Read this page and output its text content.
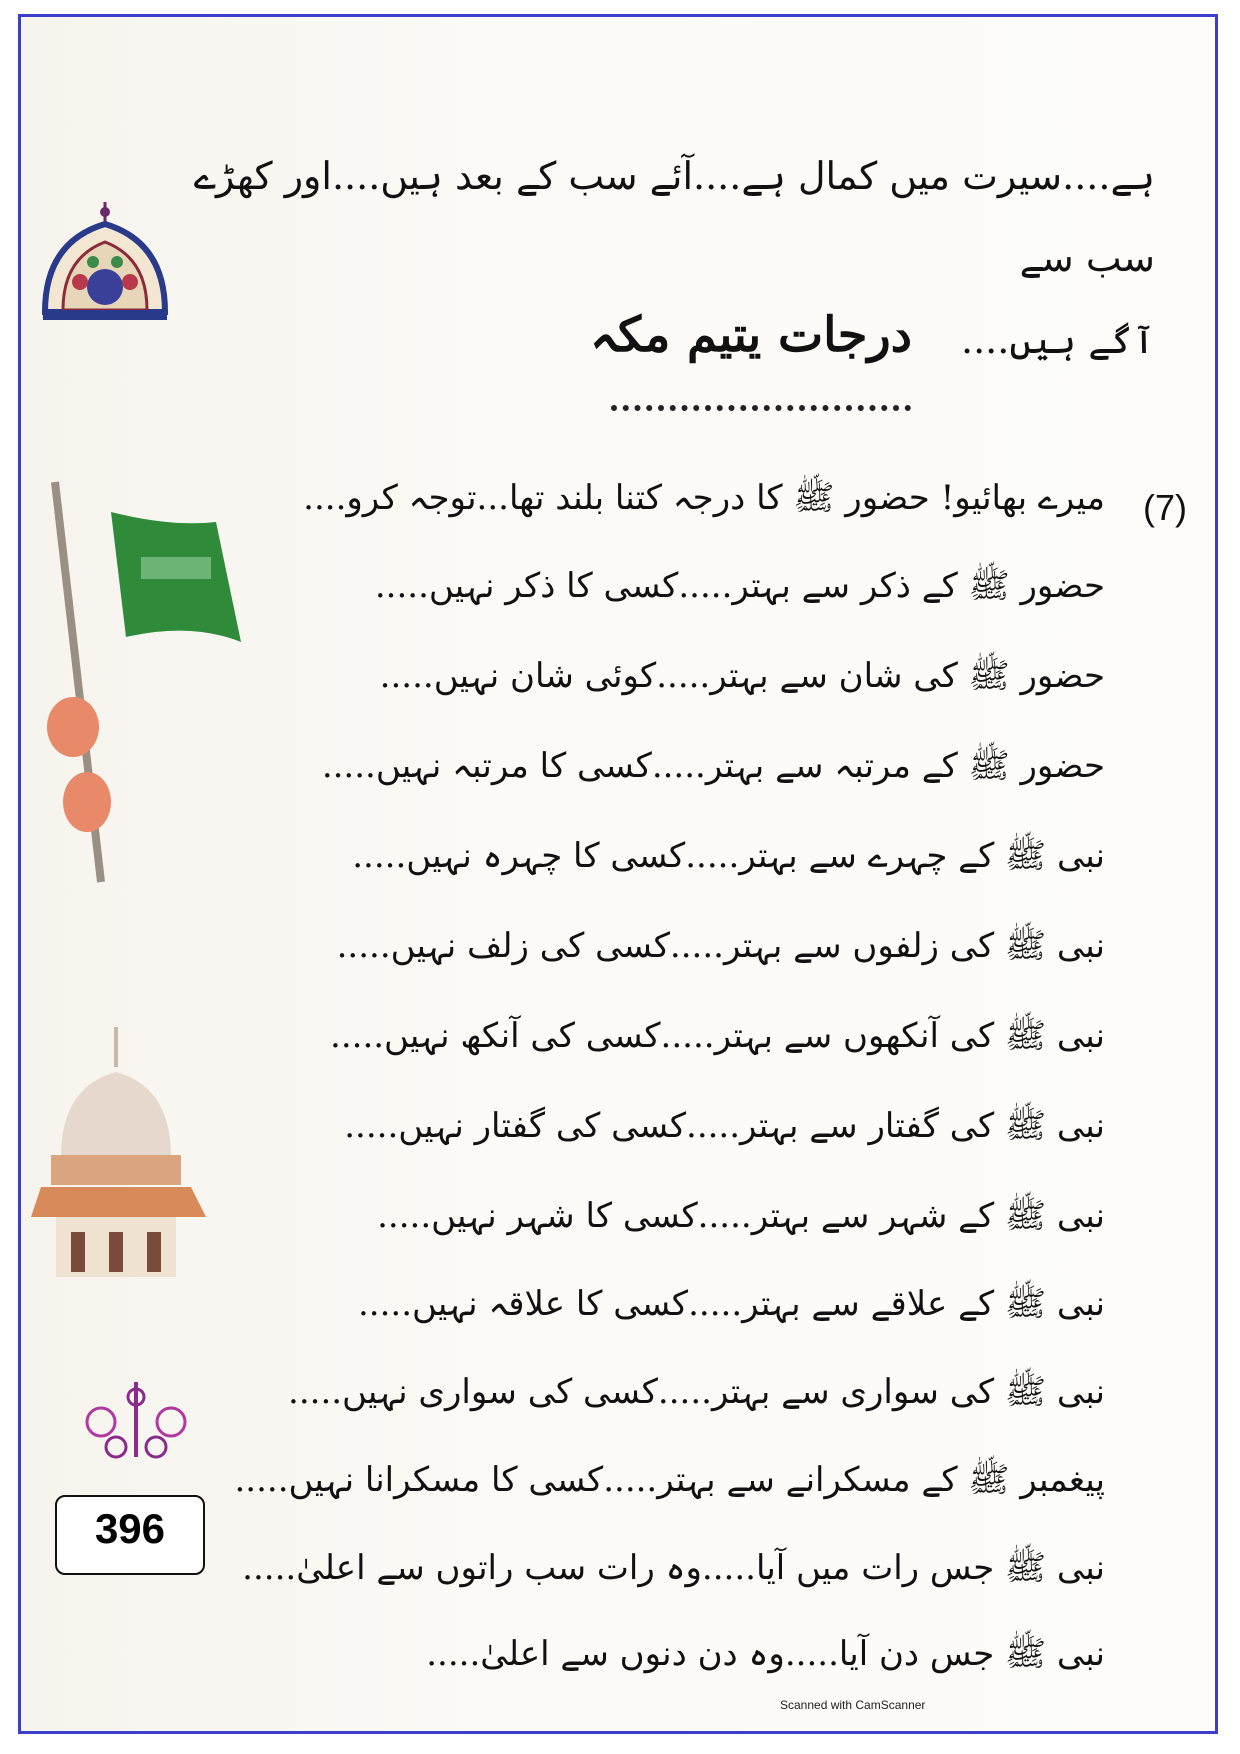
ہے....سیرت میں کمال ہے....آئے سب کے بعد ہیں....اور کھڑے سب سے
آگے ہیں....
درجات یتیم مکہ
(7)
میرے بھائیو! حضور ﷺ کا درجہ کتنا بلند تھا...توجہ کرو....
حضور ﷺ کے ذکر سے بہتر.....کسی کا ذکر نہیں.....
حضور ﷺ کی شان سے بہتر.....کوئی شان نہیں.....
حضور ﷺ کے مرتبہ سے بہتر.....کسی کا مرتبہ نہیں.....
نبی ﷺ کے چہرے سے بہتر.....کسی کا چہرہ نہیں.....
نبی ﷺ کی زلفوں سے بہتر.....کسی کی زلف نہیں.....
نبی ﷺ کی آنکھوں سے بہتر.....کسی کی آنکھ نہیں.....
نبی ﷺ کی گفتار سے بہتر.....کسی کی گفتار نہیں.....
نبی ﷺ کے شہر سے بہتر.....کسی کا شہر نہیں.....
نبی ﷺ کے علاقے سے بہتر.....کسی کا علاقہ نہیں.....
نبی ﷺ کی سواری سے بہتر.....کسی کی سواری نہیں.....
پیغمبر ﷺ کے مسکرانے سے بہتر.....کسی کا مسکرانا نہیں.....
نبی ﷺ جس رات میں آیا.....وہ رات سب راتوں سے اعلیٰ.....
نبی ﷺ جس دن آیا.....وہ دن دنوں سے اعلیٰ.....
396
Scanned with CamScanner
